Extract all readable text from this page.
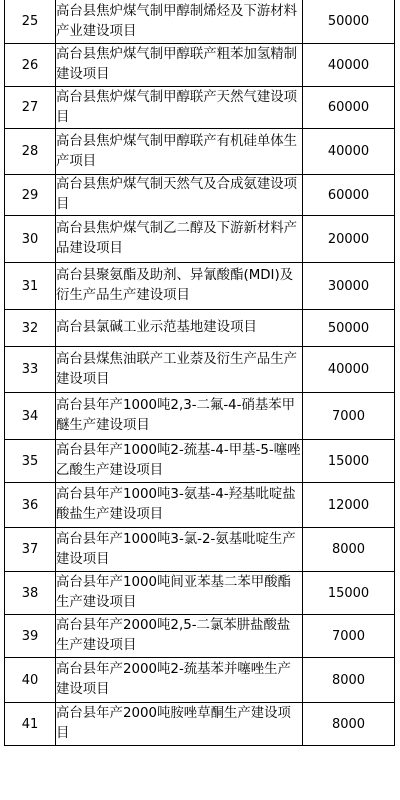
25	高台县焦炉煤气制甲醇制烯烃及下游材料产业建设项目	50000
26	高台县焦炉煤气制甲醇联产粗苯加氢精制建设项目	40000
27	高台县焦炉煤气制甲醇联产天然气建设项目	60000
28	高台县焦炉煤气制甲醇联产有机硅单体生产项目	40000
29	高台县焦炉煤气制天然气及合成氨建设项目	60000
30	高台县焦炉煤气制乙二醇及下游新材料产品建设项目	20000
31	高台县聚氨酯及助剂、异氰酸酯(MDI)及衍生产品生产建设项目	30000
32	高台县氯碱工业示范基地建设项目	50000
33	高台县煤焦油联产工业萘及衍生产品生产建设项目	40000
34	高台县年产1000吨2,3-二氟-4-硝基苯甲醚生产建设项目	7000
35	高台县年产1000吨2-巯基-4-甲基-5-噻唑乙酸生产建设项目	15000
36	高台县年产1000吨3-氨基-4-羟基吡啶盐酸盐生产建设项目	12000
37	高台县年产1000吨3-氯-2-氨基吡啶生产建设项目	8000
38	高台县年产1000吨间亚苯基二苯甲酸酯生产建设项目	15000
39	高台县年产2000吨2,5-二氯苯肼盐酸盐生产建设项目	7000
40	高台县年产2000吨2-巯基苯并噻唑生产建设项目	8000
41	高台县年产2000吨胺唑草酮生产建设项目	8000
